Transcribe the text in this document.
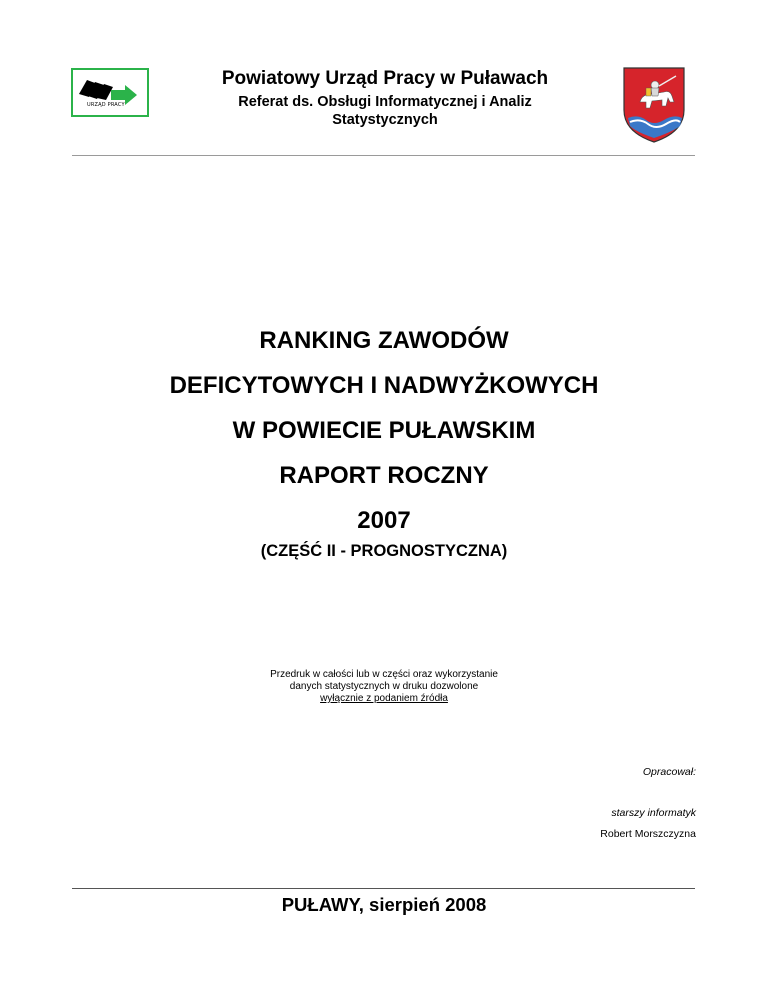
URZĄD PRACY
Powiatowy Urząd Pracy w Puławach
Referat ds. Obsługi Informatycznej i Analiz
Statystycznych
RANKING ZAWODÓW
DEFICYTOWYCH I NADWYŻKOWYCH
W POWIECIE PUŁAWSKIM
RAPORT ROCZNY
2007
(CZĘŚĆ II - PROGNOSTYCZNA)
Przedruk w całości lub w części oraz wykorzystanie
danych statystycznych w druku dozwolone
wyłącznie z podaniem źródła
Opracował:
starszy informatyk
Robert Morszczyzna
PUŁAWY, sierpień 2008
